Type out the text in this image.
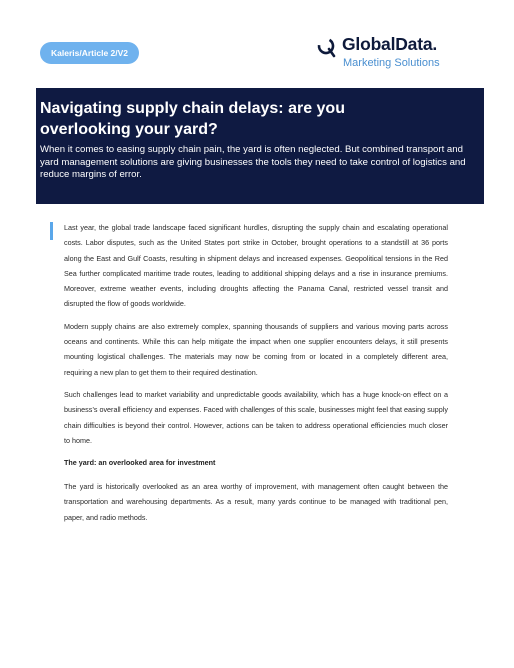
Kaleris/Article 2/V2	GlobalData.
Marketing Solutions
Navigating supply chain delays: are you overlooking your yard?

When it comes to easing supply chain pain, the yard is often neglected. But combined transport and yard management solutions are giving businesses the tools they need to take control of logistics and reduce margins of error.

Last year, the global trade landscape faced significant hurdles, disrupting the supply chain and escalating operational costs. Labor disputes, such as the United States port strike in October, brought operations to a standstill at 36 ports along the East and Gulf Coasts, resulting in shipment delays and increased expenses. Geopolitical tensions in the Red Sea further complicated maritime trade routes, leading to additional shipping delays and a rise in insurance premiums. Moreover, extreme weather events, including droughts affecting the Panama Canal, restricted vessel transit and disrupted the flow of goods worldwide.

Modern supply chains are also extremely complex, spanning thousands of suppliers and various moving parts across oceans and continents. While this can help mitigate the impact when one supplier encounters delays, it still presents mounting logistical challenges. The materials may now be coming from or located in a completely different area, requiring a new plan to get them to their required destination.

Such challenges lead to market variability and unpredictable goods availability, which has a huge knock-on effect on a business’s overall efficiency and expenses. Faced with challenges of this scale, businesses might feel that easing supply chain difficulties is beyond their control. However, actions can be taken to address operational efficiencies much closer to home.

The yard: an overlooked area for investment

The yard is historically overlooked as an area worthy of improvement, with management often caught between the transportation and warehousing departments. As a result, many yards continue to be managed with traditional pen, paper, and radio methods.
